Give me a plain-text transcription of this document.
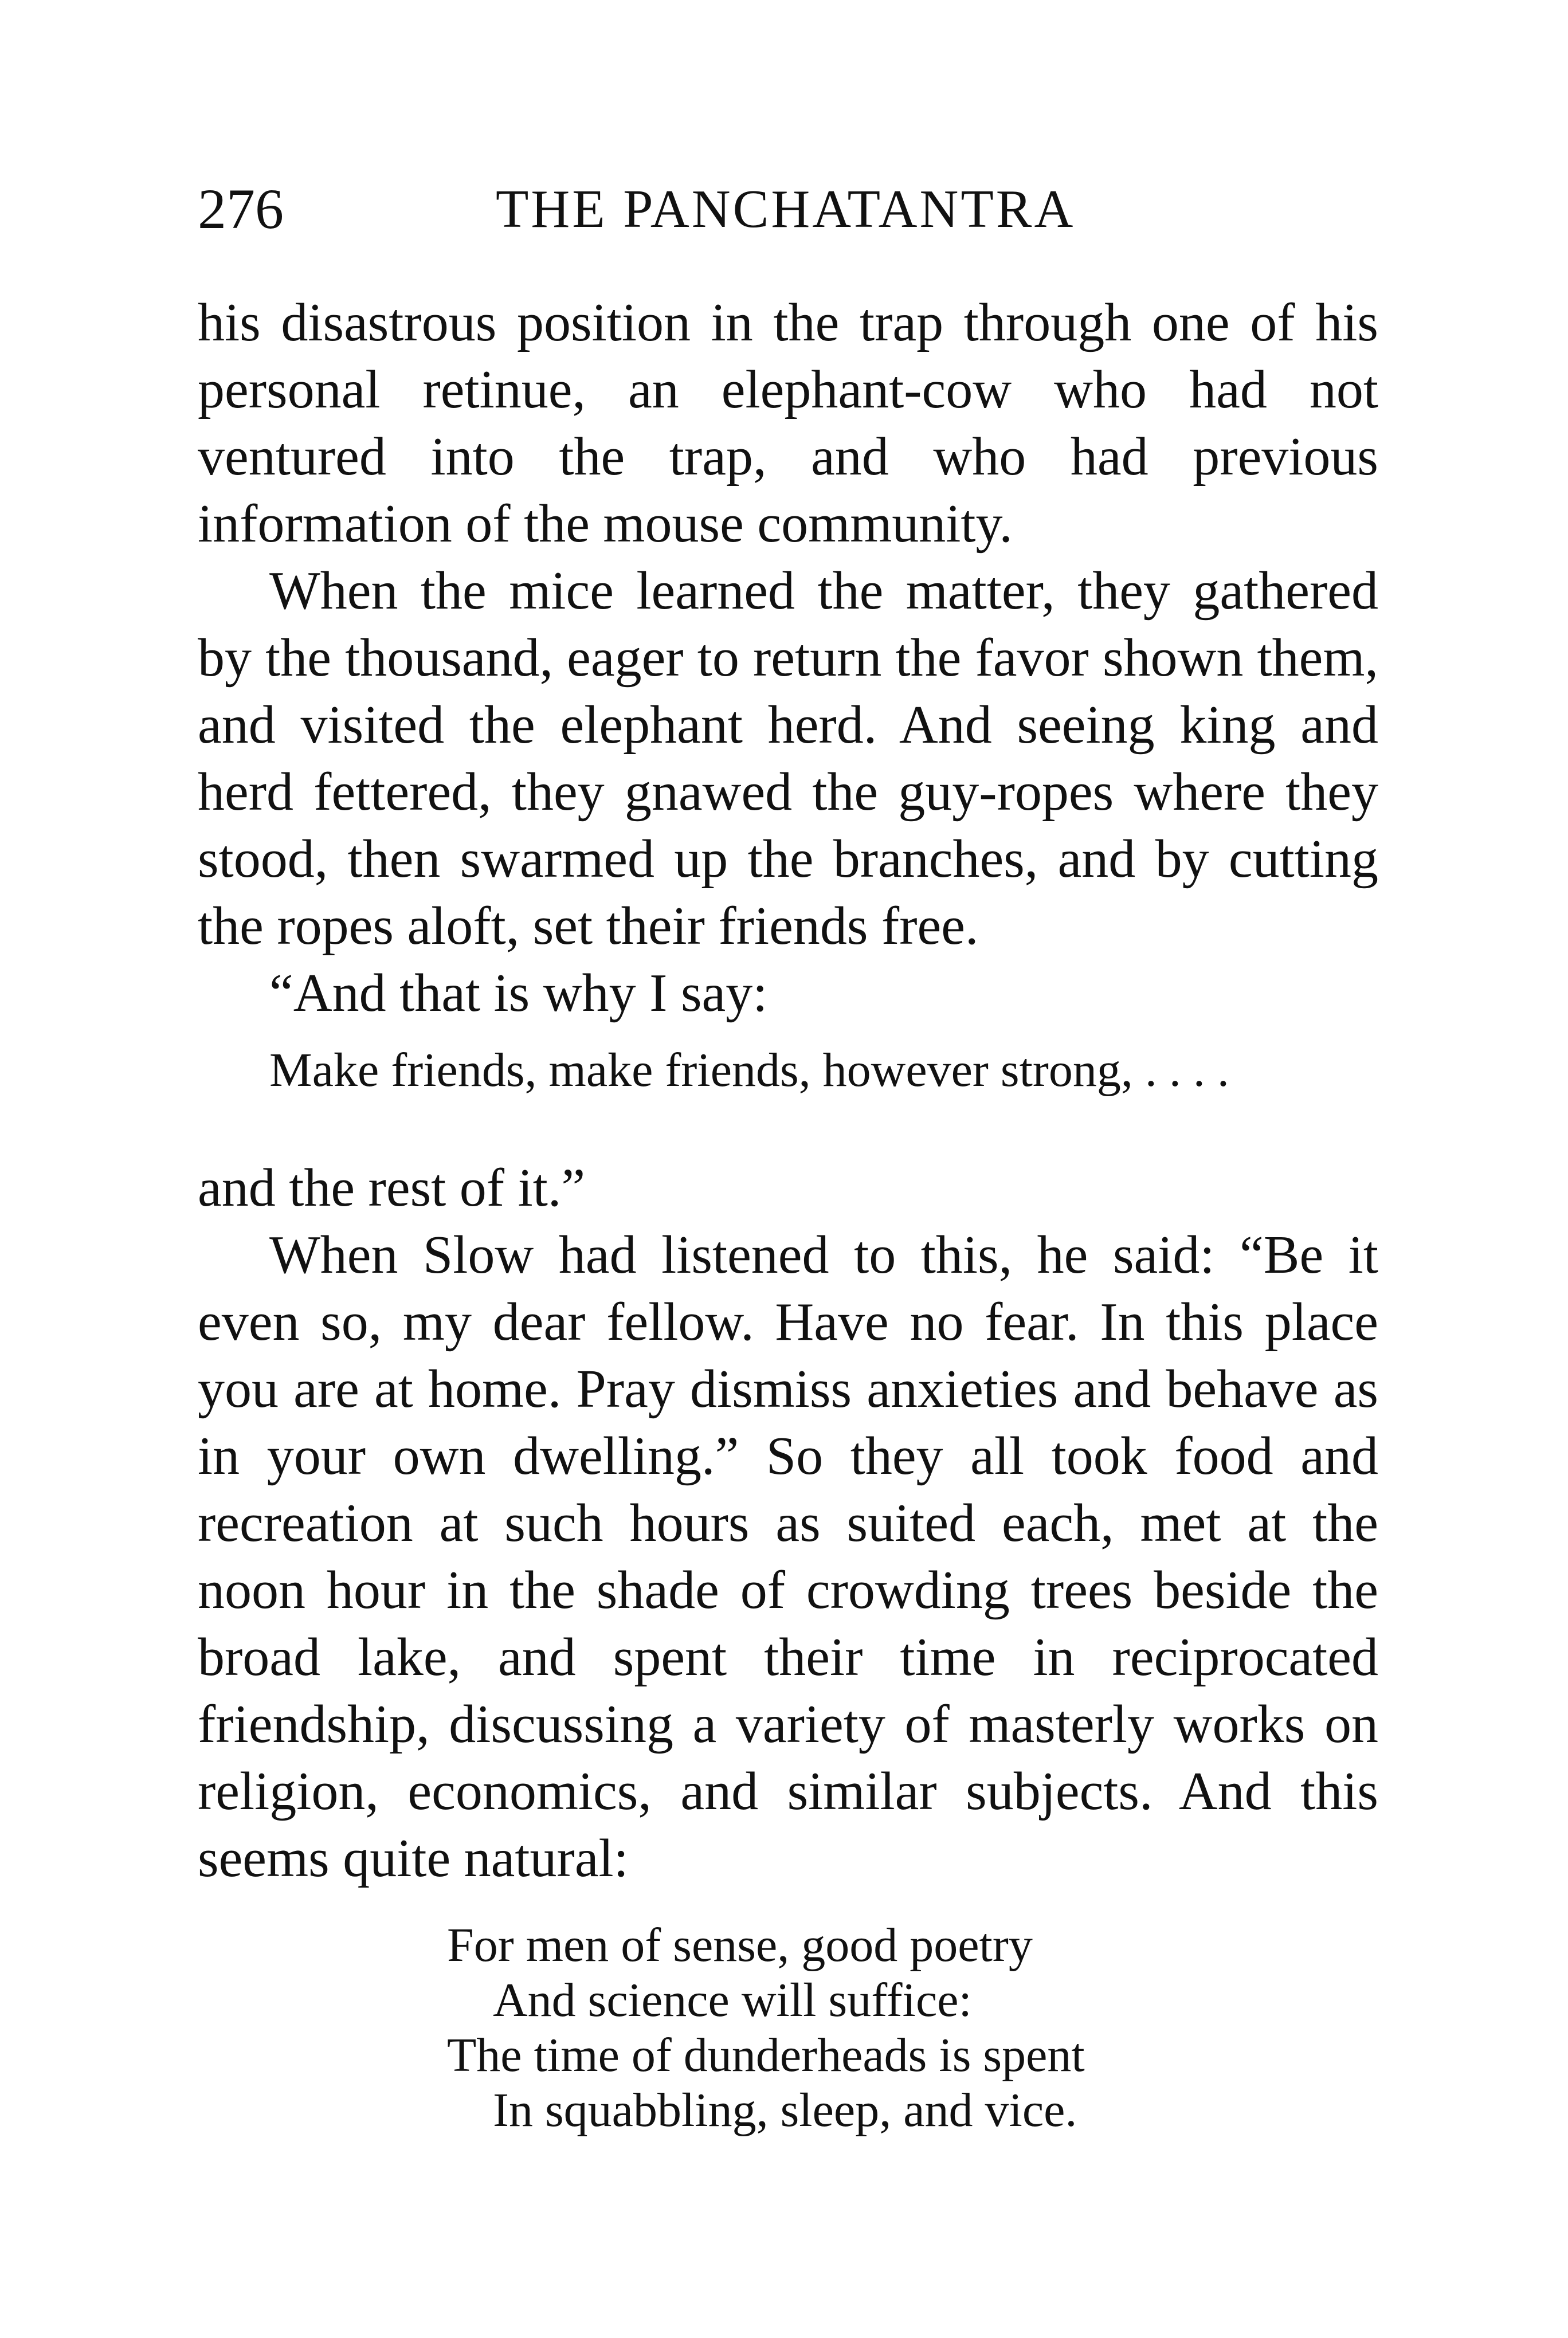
276	THE PANCHATANTRA

his disastrous position in the trap through one of his personal retinue, an elephant-cow who had not ventured into the trap, and who had previous information of the mouse community.

When the mice learned the matter, they gathered by the thousand, eager to return the favor shown them, and visited the elephant herd. And seeing king and herd fettered, they gnawed the guy-ropes where they stood, then swarmed up the branches, and by cutting the ropes aloft, set their friends free.

“And that is why I say:

Make friends, make friends, however strong, . . . .

and the rest of it.”

When Slow had listened to this, he said: “Be it even so, my dear fellow. Have no fear. In this place you are at home. Pray dismiss anxieties and behave as in your own dwelling.” So they all took food and recreation at such hours as suited each, met at the noon hour in the shade of crowding trees beside the broad lake, and spent their time in reciprocated friendship, discussing a variety of masterly works on religion, economics, and similar subjects. And this seems quite natural:

For men of sense, good poetry
And science will suffice:
The time of dunderheads is spent
In squabbling, sleep, and vice.
